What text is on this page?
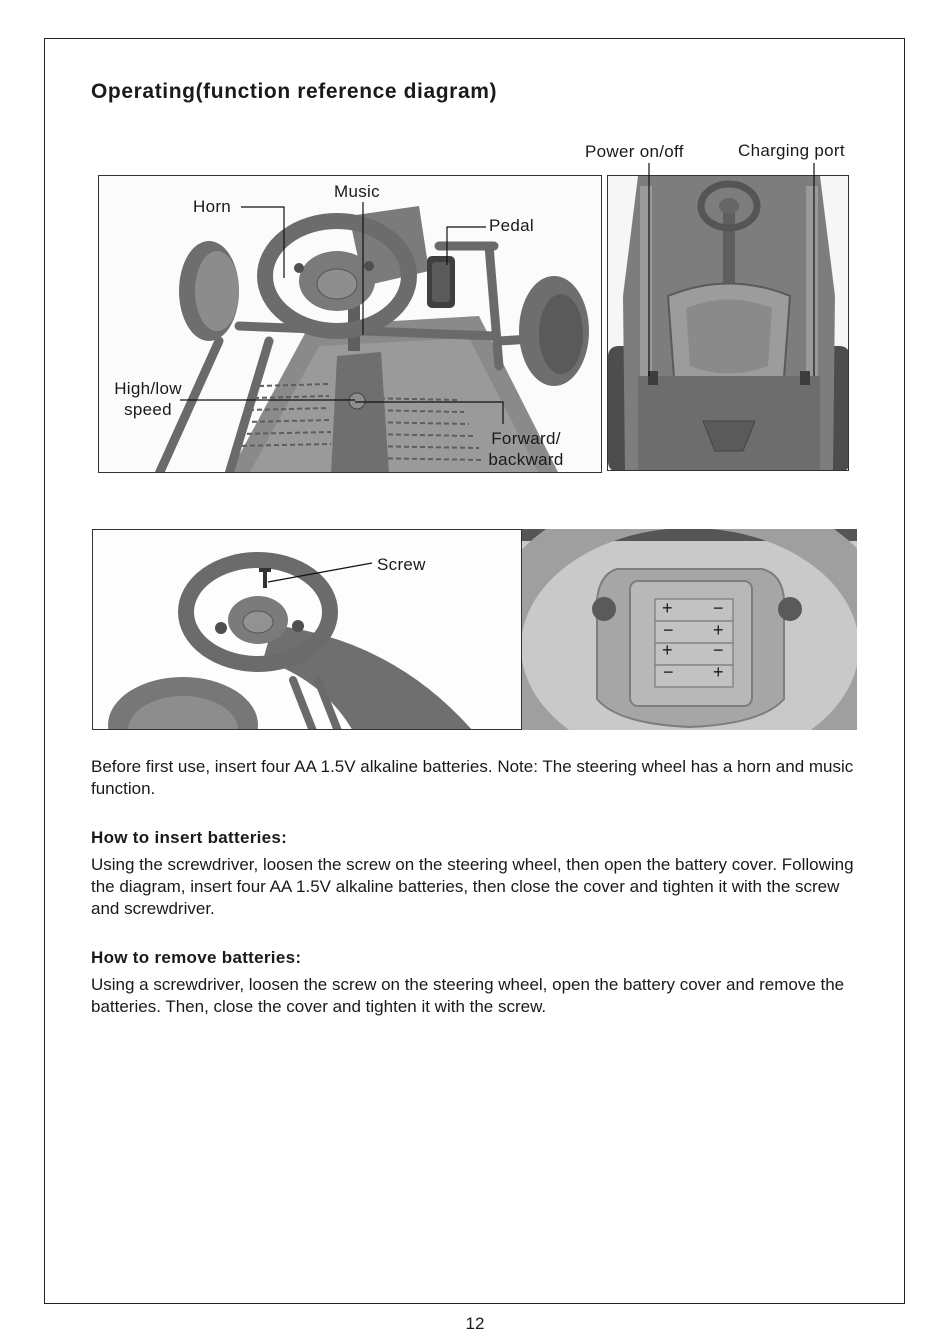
Operating(function reference diagram)
Horn
Music
Pedal
High/low
speed
Forward/
backward
Power on/off	Charging port
Screw
+ −
− +
+ −
− +

Before first use, insert four AA 1.5V alkaline batteries. Note: The steering wheel has a horn and music function.

How to insert batteries:

Using the screwdriver, loosen the screw on the steering wheel, then open the battery cover. Following the diagram, insert four AA 1.5V alkaline batteries, then close the cover and tighten it with the screw and screwdriver.

How to remove batteries:

Using a screwdriver, loosen the screw on the steering wheel, open the battery cover and remove the batteries. Then, close the cover and tighten it with the screw.

12
